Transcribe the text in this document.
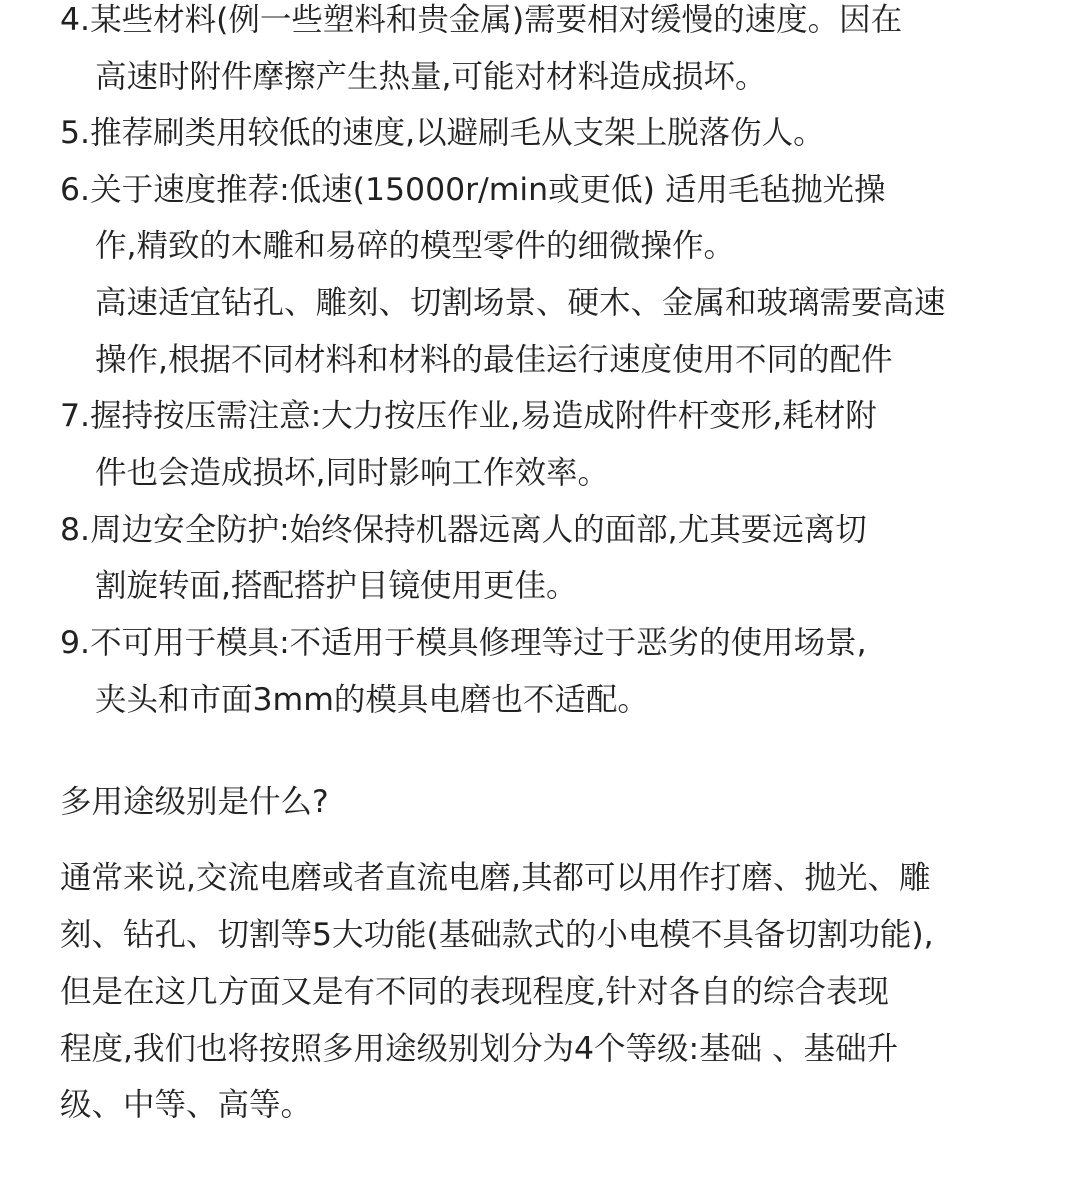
4.某些材料(例一些塑料和贵金属)需要相对缓慢的速度。因在
高速时附件摩擦产生热量,可能对材料造成损坏。
5.推荐刷类用较低的速度,以避刷毛从支架上脱落伤人。
6.关于速度推荐:低速(15000r/min或更低) 适用毛毡抛光操
作,精致的木雕和易碎的模型零件的细微操作。
高速适宜钻孔、雕刻、切割场景、硬木、金属和玻璃需要高速
操作,根据不同材料和材料的最佳运行速度使用不同的配件
7.握持按压需注意:大力按压作业,易造成附件杆变形,耗材附
件也会造成损坏,同时影响工作效率。
8.周边安全防护:始终保持机器远离人的面部,尤其要远离切
割旋转面,搭配搭护目镜使用更佳。
9.不可用于模具:不适用于模具修理等过于恶劣的使用场景,
夹头和市面3mm的模具电磨也不适配。
多用途级别是什么?
通常来说,交流电磨或者直流电磨,其都可以用作打磨、抛光、雕
刻、钻孔、切割等5大功能(基础款式的小电模不具备切割功能),
但是在这几方面又是有不同的表现程度,针对各自的综合表现
程度,我们也将按照多用途级别划分为4个等级:基础 、基础升
级、中等、高等。
